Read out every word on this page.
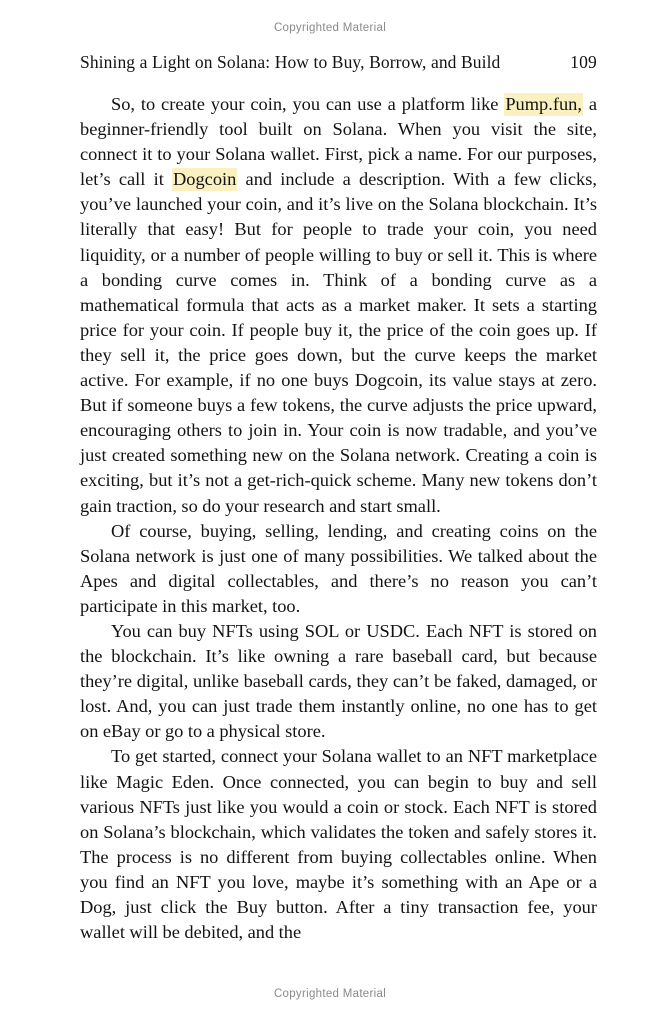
Copyrighted Material
Shining a Light on Solana: How to Buy, Borrow, and Build	109

So, to create your coin, you can use a platform like Pump.fun, a beginner-friendly tool built on Solana. When you visit the site, connect it to your Solana wallet. First, pick a name. For our purposes, let’s call it Dogcoin and include a description. With a few clicks, you’ve launched your coin, and it’s live on the Solana blockchain. It’s literally that easy! But for people to trade your coin, you need liquidity, or a number of people willing to buy or sell it. This is where a bonding curve comes in. Think of a bonding curve as a mathematical formula that acts as a market maker. It sets a starting price for your coin. If people buy it, the price of the coin goes up. If they sell it, the price goes down, but the curve keeps the market active. For example, if no one buys Dogcoin, its value stays at zero. But if someone buys a few tokens, the curve adjusts the price upward, encouraging others to join in. Your coin is now tradable, and you’ve just created something new on the Solana network. Creating a coin is exciting, but it’s not a get-rich-quick scheme. Many new tokens don’t gain traction, so do your research and start small.

Of course, buying, selling, lending, and creating coins on the Solana network is just one of many possibilities. We talked about the Apes and digital collectables, and there’s no reason you can’t participate in this market, too.

You can buy NFTs using SOL or USDC. Each NFT is stored on the blockchain. It’s like owning a rare baseball card, but because they’re digital, unlike baseball cards, they can’t be faked, damaged, or lost. And, you can just trade them instantly online, no one has to get on eBay or go to a physical store.

To get started, connect your Solana wallet to an NFT marketplace like Magic Eden. Once connected, you can begin to buy and sell various NFTs just like you would a coin or stock. Each NFT is stored on Solana’s blockchain, which validates the token and safely stores it. The process is no different from buying collectables online. When you find an NFT you love, maybe it’s something with an Ape or a Dog, just click the Buy button. After a tiny transaction fee, your wallet will be debited, and the

Copyrighted Material
